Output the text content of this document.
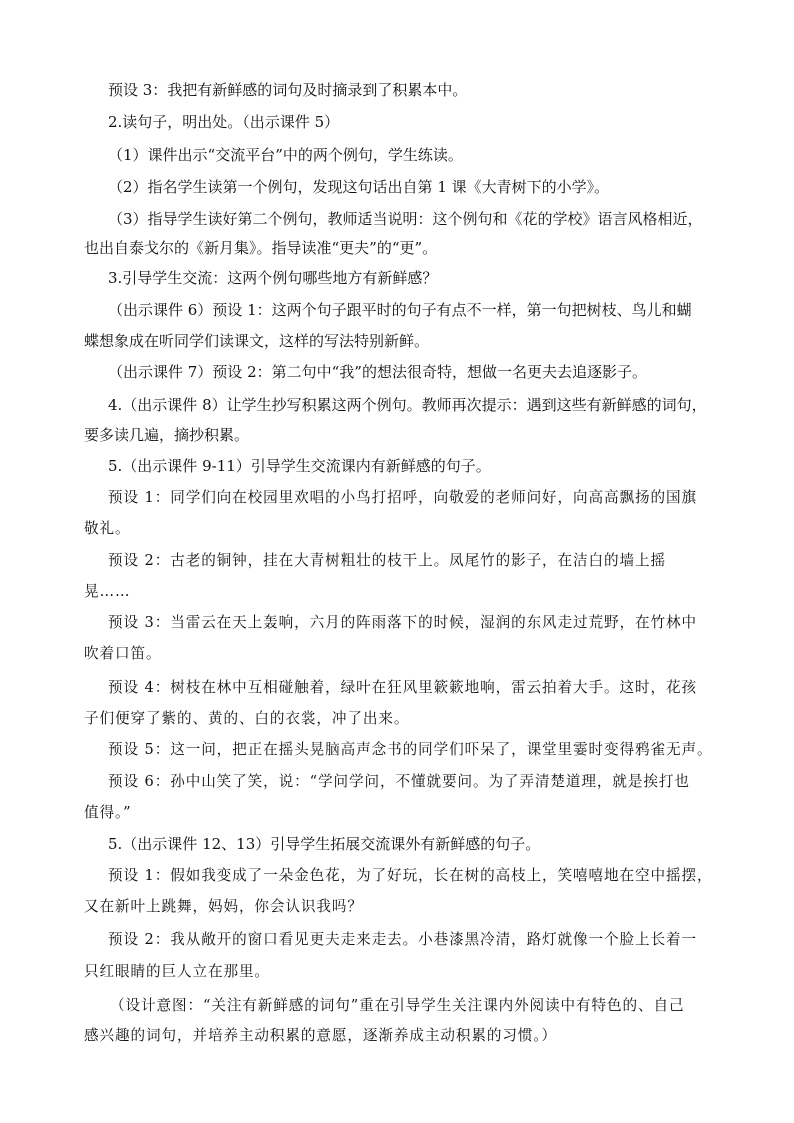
预设 3：我把有新鲜感的词句及时摘录到了积累本中。
2.读句子，明出处。（出示课件 5）
（1）课件出示“交流平台”中的两个例句，学生练读。
（2）指名学生读第一个例句，发现这句话出自第 1 课《大青树下的小学》。
（3）指导学生读好第二个例句，教师适当说明：这个例句和《花的学校》语言风格相近，
也出自泰戈尔的《新月集》。指导读准“更夫”的“更”。
3.引导学生交流：这两个例句哪些地方有新鲜感？
（出示课件 6）预设 1：这两个句子跟平时的句子有点不一样，第一句把树枝、鸟儿和蝴
蝶想象成在听同学们读课文，这样的写法特别新鲜。
（出示课件 7）预设 2：第二句中“我”的想法很奇特，想做一名更夫去追逐影子。
4.（出示课件 8）让学生抄写积累这两个例句。教师再次提示：遇到这些有新鲜感的词句，
要多读几遍，摘抄积累。
5.（出示课件 9-11）引导学生交流课内有新鲜感的句子。
预设 1：同学们向在校园里欢唱的小鸟打招呼，向敬爱的老师问好，向高高飘扬的国旗
敬礼。
预设 2：古老的铜钟，挂在大青树粗壮的枝干上。凤尾竹的影子，在洁白的墙上摇
晃……
预设 3：当雷云在天上轰响，六月的阵雨落下的时候，湿润的东风走过荒野，在竹林中
吹着口笛。
预设 4：树枝在林中互相碰触着，绿叶在狂风里簌簌地响，雷云拍着大手。这时，花孩
子们便穿了紫的、黄的、白的衣裳，冲了出来。
预设 5：这一问，把正在摇头晃脑高声念书的同学们吓呆了，课堂里霎时变得鸦雀无声。
预设 6：孙中山笑了笑，说：“学问学问，不懂就要问。为了弄清楚道理，就是挨打也
值得。”
5.（出示课件 12、13）引导学生拓展交流课外有新鲜感的句子。
预设 1：假如我变成了一朵金色花，为了好玩，长在树的高枝上，笑嘻嘻地在空中摇摆，
又在新叶上跳舞，妈妈，你会认识我吗？
预设 2：我从敞开的窗口看见更夫走来走去。小巷漆黑冷清，路灯就像一个脸上长着一
只红眼睛的巨人立在那里。
（设计意图：“关注有新鲜感的词句”重在引导学生关注课内外阅读中有特色的、自己
感兴趣的词句，并培养主动积累的意愿，逐渐养成主动积累的习惯。）
